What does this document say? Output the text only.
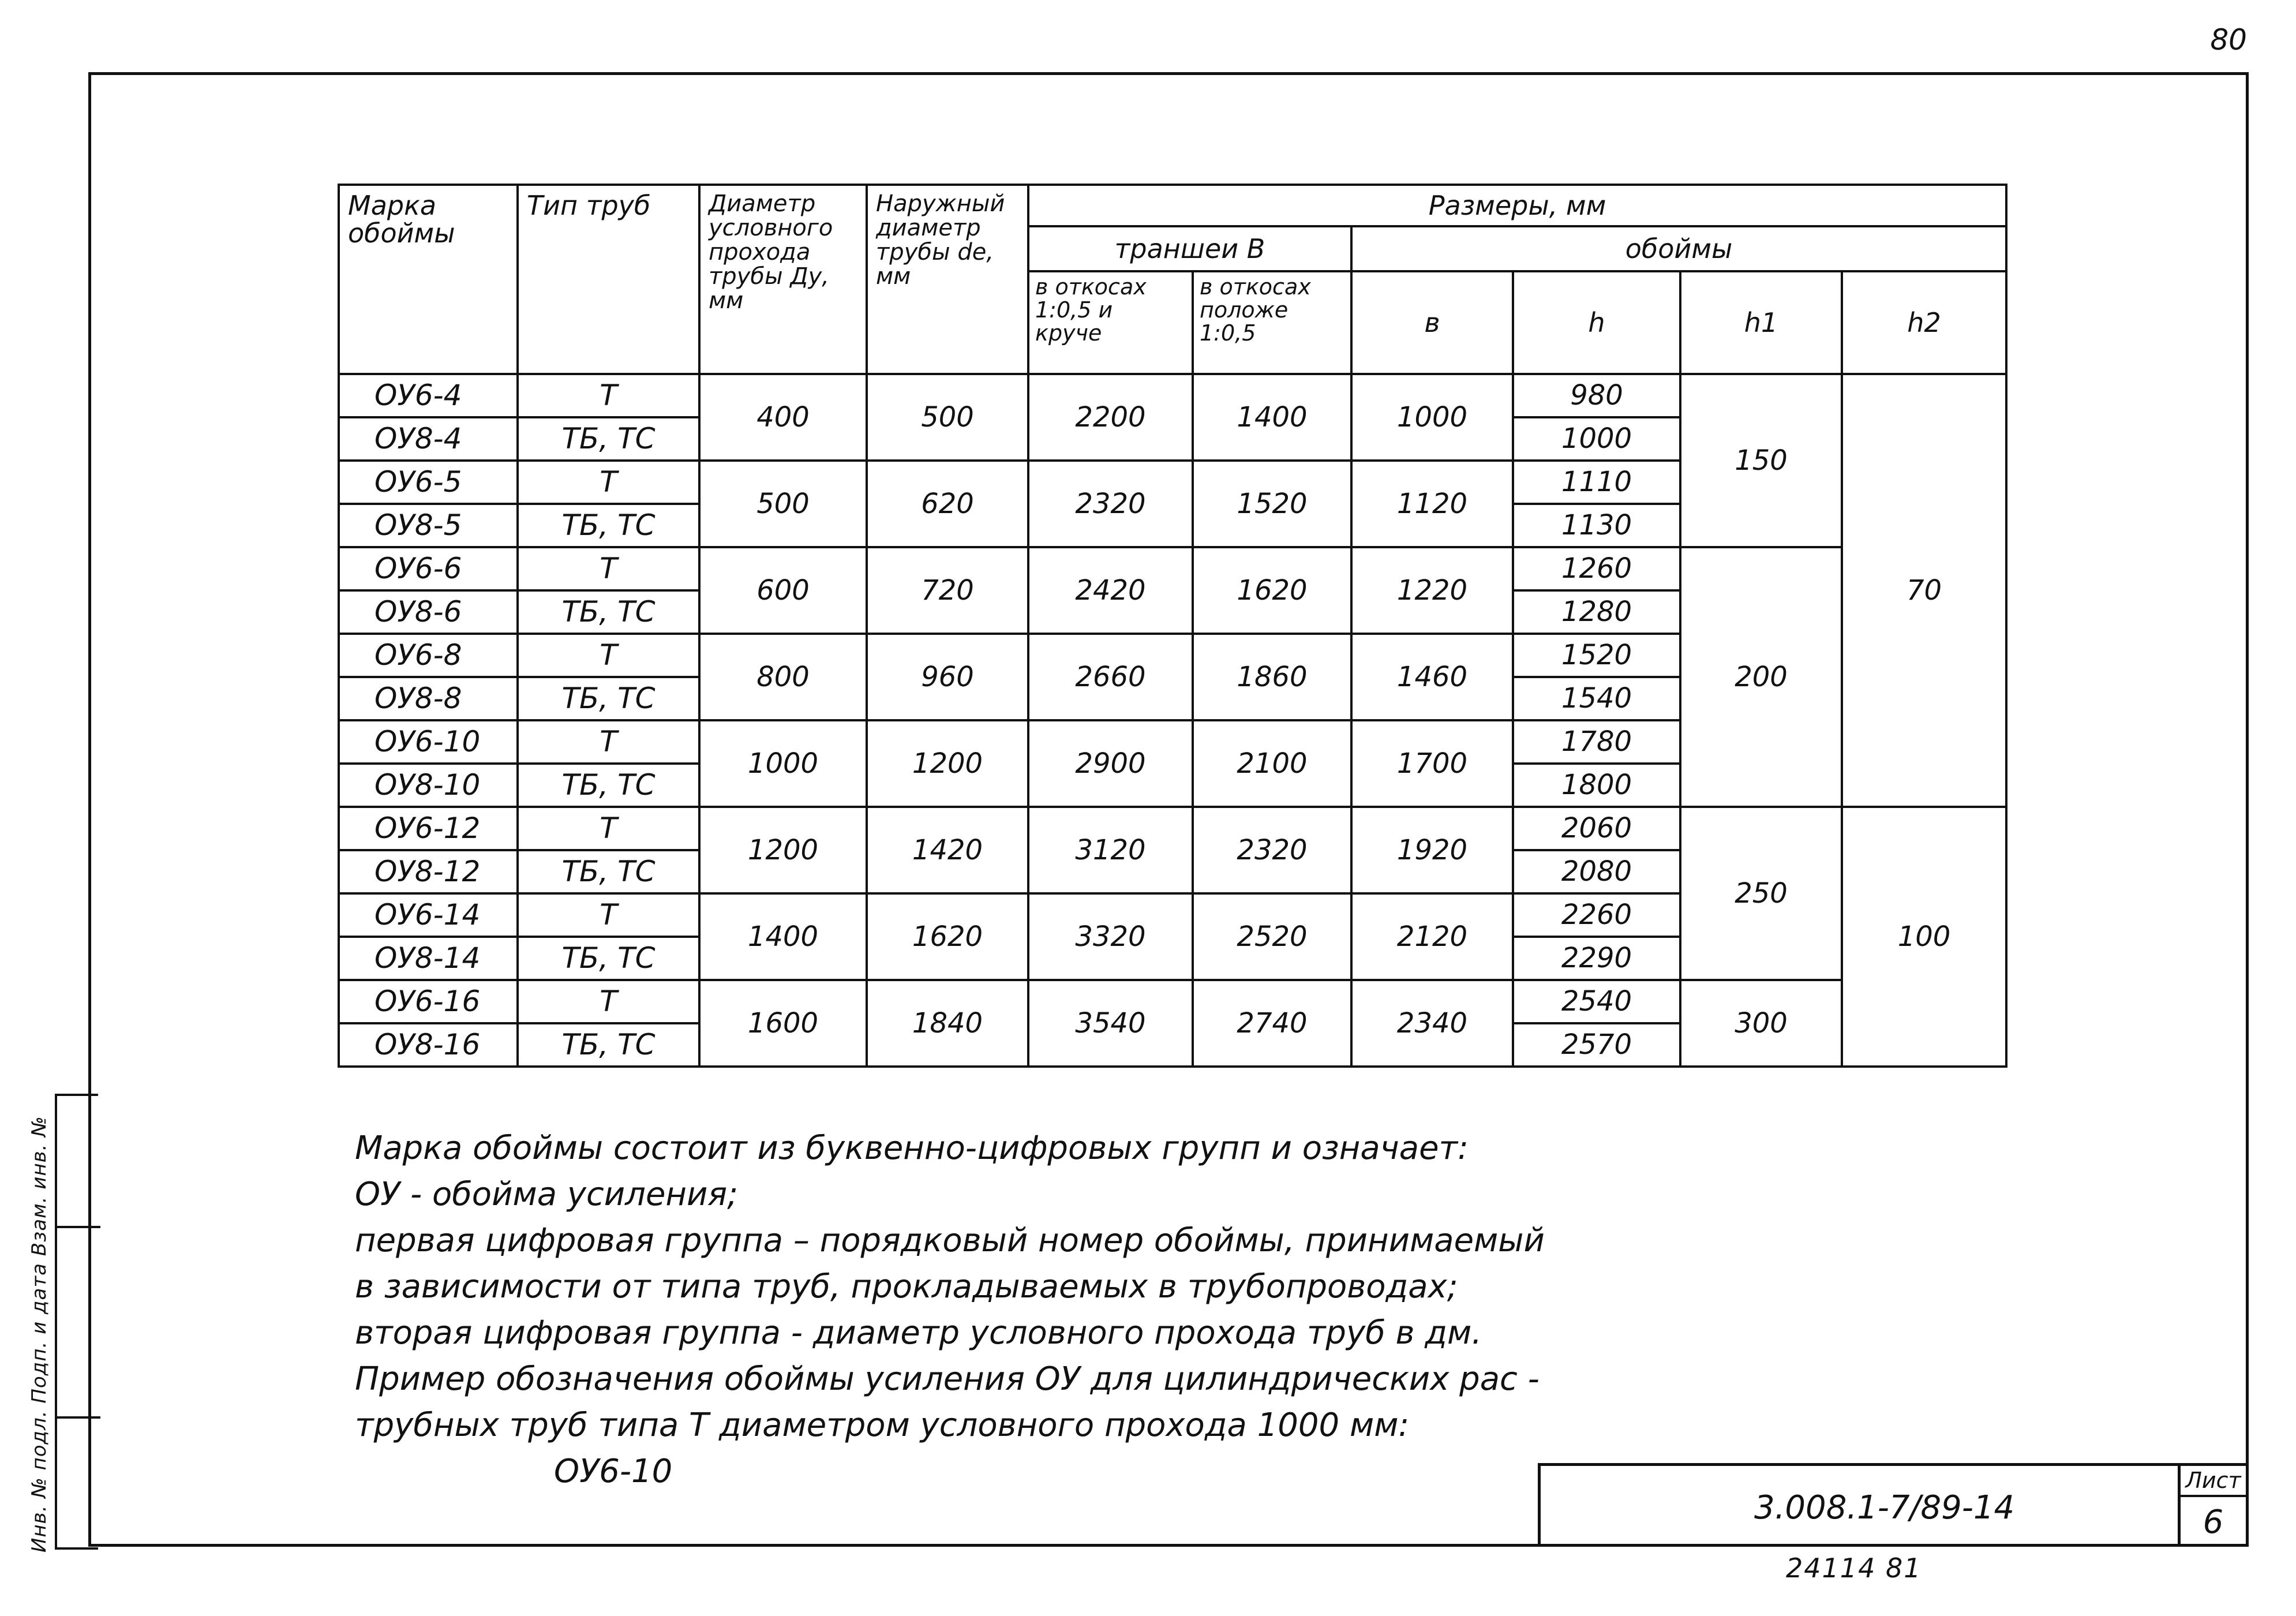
80
Инв. № подл. Подп. и дата Взам. инв. №
Марка обоймы	Тип труб	Диаметр условного прохода трубы Ду, мм	Наружный диаметр трубы de, мм	Размеры, мм					
				траншеи В		обоймы			
				в откосах 1:0,5 и круче	в откосах положе 1:0,5	в	h	h1	h2
ОУ6-4	Т	400	500	2200	1400	1000	980	150	70
ОУ8-4	ТБ, ТС						1000		
ОУ6-5	Т	500	620	2320	1520	1120	1110		
ОУ8-5	ТБ, ТС						1130		
ОУ6-6	Т	600	720	2420	1620	1220	1260	200	
ОУ8-6	ТБ, ТС						1280		
ОУ6-8	Т	800	960	2660	1860	1460	1520		
ОУ8-8	ТБ, ТС						1540		
ОУ6-10	Т	1000	1200	2900	2100	1700	1780		
ОУ8-10	ТБ, ТС						1800		
ОУ6-12	Т	1200	1420	3120	2320	1920	2060	250	100
ОУ8-12	ТБ, ТС						2080		
ОУ6-14	Т	1400	1620	3320	2520	2120	2260		
ОУ8-14	ТБ, ТС						2290		
ОУ6-16	Т	1600	1840	3540	2740	2340	2540	300	
ОУ8-16	ТБ, ТС						2570		

Марка обоймы состоит из буквенно-цифровых групп и означает:

ОУ - обойма усиления;

первая цифровая группа – порядковый номер обоймы, принимаемый

в зависимости от типа труб, прокладываемых в трубопроводах;

вторая цифровая группа - диаметр условного прохода труб в дм.

Пример обозначения обоймы усиления ОУ для цилиндрических рас -

трубных труб типа Т диаметром условного прохода 1000 мм:

ОУ6-10

3.008.1-7/89-14
Лист
6
24114 81
